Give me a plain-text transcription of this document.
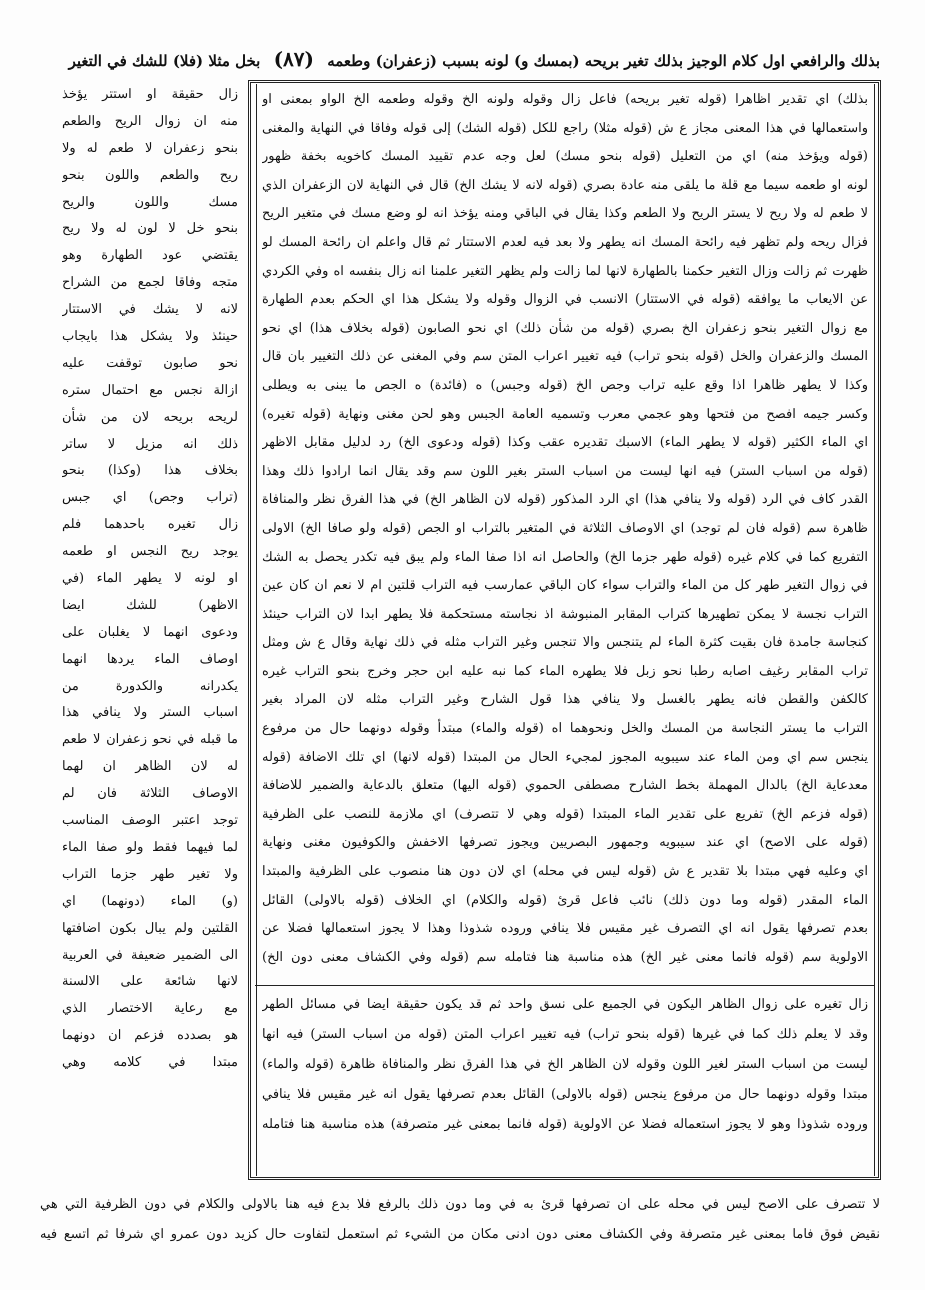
بذلك والرافعي اول كلام الوجيز بذلك تغير بريحه (بمسك و) لونه بسبب (زعفران) وطعمه (٨٧) بخل مثلا (فلا) للشك في التغير
بذلك) اي تقدير اظاهرا (قوله تغير بريحه) فاعل زال وقوله ولونه الخ وقوله وطعمه الخ الواو بمعنى او
واستعمالها في هذا المعنى مجاز ع ش (قوله مثلا) راجع للكل (قوله الشك) إلى قوله وفاقا في النهاية والمغنى
(قوله ويؤخذ منه) اي من التعليل (قوله بنحو مسك) لعل وجه عدم تقييد المسك كاخويه بخفة ظهور
لونه او طعمه سيما مع قلة ما يلقى منه عادة بصري (قوله لانه لا يشك الخ) قال في النهاية لان الزعفران الذي
لا طعم له ولا ريح لا يستر الريح ولا الطعم وكذا يقال في الباقي ومنه يؤخذ انه لو وضع مسك في متغير الريح
فزال ريحه ولم تظهر فيه رائحة المسك انه يطهر ولا بعد فيه لعدم الاستتار ثم قال واعلم ان رائحة المسك لو
ظهرت ثم زالت وزال التغير حكمنا بالطهارة لانها لما زالت ولم يظهر التغير علمنا انه زال بنفسه اه وفي الكردي
عن الايعاب ما يوافقه (قوله في الاستتار) الانسب في الزوال وقوله ولا يشكل هذا اي الحكم بعدم الطهارة
مع زوال التغير بنحو زعفران الخ بصري (قوله من شأن ذلك) اي نحو الصابون (قوله بخلاف هذا) اي نحو
المسك والزعفران والخل (قوله بنحو تراب) فيه تغيير اعراب المتن سم وفي المغنى عن ذلك التغيير بان قال
وكذا لا يطهر ظاهرا اذا وقع عليه تراب وجص الخ (قوله وجبس) ه (فائدة) ه الجص ما يبنى به ويطلى
وكسر جيمه افصح من فتحها وهو عجمي معرب وتسميه العامة الجبس وهو لحن مغنى ونهاية (قوله تغيره)
اي الماء الكثير (قوله لا يطهر الماء) الاسبك تقديره عقب وكذا (قوله ودعوى الخ) رد لدليل مقابل الاظهر
(قوله من اسباب الستر) فيه انها ليست من اسباب الستر بغير اللون سم وقد يقال انما ارادوا ذلك وهذا
القدر كاف في الرد (قوله ولا ينافي هذا) اي الرد المذكور (قوله لان الظاهر الخ) في هذا الفرق نظر والمنافاة
ظاهرة سم (قوله فان لم توجد) اي الاوصاف الثلاثة في المتغير بالتراب او الجص (قوله ولو صافا الخ) الاولى
التفريع كما في كلام غيره (قوله طهر جزما الخ) والحاصل انه اذا صفا الماء ولم يبق فيه تكدر يحصل به الشك
في زوال التغير طهر كل من الماء والتراب سواء كان الباقي عمارسب فيه التراب قلتين ام لا نعم ان كان عين
التراب نجسة لا يمكن تطهيرها كتراب المقابر المنبوشة اذ نجاسته مستحكمة فلا يطهر ابدا لان التراب حينئذ
كنجاسة جامدة فان بقيت كثرة الماء لم يتنجس والا تنجس وغير التراب مثله في ذلك نهاية وقال ع ش ومثل
تراب المقابر رغيف اصابه رطبا نحو زبل فلا يطهره الماء كما نبه عليه ابن حجر وخرج بنحو التراب غيره
كالكفن والقطن فانه يطهر بالغسل ولا ينافي هذا قول الشارح وغير التراب مثله لان المراد بغير
التراب ما يستر النجاسة من المسك والخل ونحوهما اه (قوله والماء) مبتدأ وقوله دونهما حال من مرفوع
ينجس سم اي ومن الماء عند سيبويه المجوز لمجيء الحال من المبتدا (قوله لانها) اي تلك الاضافة (قوله
معدعاية الخ) بالدال المهملة بخط الشارح مصطفى الحموي (قوله اليها) متعلق بالدعاية والضمير للاضافة
(قوله فزعم الخ) تفريع على تقدير الماء المبتدا (قوله وهي لا تتصرف) اي ملازمة للنصب على الظرفية
(قوله على الاصح) اي عند سيبويه وجمهور البصريين ويجوز تصرفها الاخفش والكوفيون مغنى ونهاية
اي وعليه فهي مبتدا بلا تقدير ع ش (قوله ليس في محله) اي لان دون هنا منصوب على الظرفية والمبتدا
الماء المقدر (قوله وما دون ذلك) نائب فاعل قرئ (قوله والكلام) اي الخلاف (قوله بالاولى) القائل
بعدم تصرفها يقول انه اي التصرف غير مقيس فلا ينافي وروده شذوذا وهذا لا يجوز استعمالها فضلا عن
الاولوية سم (قوله فانما معنى غير الخ) هذه مناسبة هنا فتامله سم (قوله وفي الكشاف معنى دون الخ)
زال تغيره على زوال الظاهر اليكون في الجميع على نسق واحد ثم قد يكون حقيقة ايضا في مسائل الطهر
وقد لا يعلم ذلك كما في غيرها (قوله بنحو تراب) فيه تغيير اعراب المتن (قوله من اسباب الستر) فيه انها
ليست من اسباب الستر لغير اللون وقوله لان الظاهر الخ في هذا الفرق نظر والمنافاة ظاهرة (قوله والماء)
مبتدا وقوله دونهما حال من مرفوع ينجس (قوله بالاولى) القائل بعدم تصرفها يقول انه غير مقيس فلا ينافي
وروده شذوذا وهو لا يجوز استعماله فضلا عن الاولوية (قوله فانما بمعنى غير متصرفة) هذه مناسبة هنا فتامله
زال حقيقة او استتر يؤخذ
منه ان زوال الريح والطعم
بنحو زعفران لا طعم له ولا
ريح والطعم واللون بنحو
مسك واللون والريح
بنحو خل لا لون له ولا ريح
يقتضي عود الطهارة وهو
متجه وفاقا لجمع من الشراح
لانه لا يشك في الاستتار
حينئذ ولا يشكل هذا بايجاب
نحو صابون توقفت عليه
ازالة نجس مع احتمال ستره
لريحه بريحه لان من شأن
ذلك انه مزيل لا ساتر
بخلاف هذا (وكذا) بنحو
(تراب وجص) اي جبس
زال تغيره باحدهما فلم
يوجد ريح النجس او طعمه
او لونه لا يطهر الماء (في
الاظهر) للشك ايضا
ودعوى انهما لا يغلبان على
اوصاف الماء يردها انهما
يكدرانه والكدورة من
اسباب الستر ولا ينافي هذا
ما قبله في نحو زعفران لا طعم
له لان الظاهر ان لهما
الاوصاف الثلاثة فان لم
توجد اعتبر الوصف المناسب
لما فيهما فقط ولو صفا الماء
ولا تغير طهر جزما التراب
(و) الماء (دونهما) اي
القلتين ولم يبال بكون اضافتها
الى الضمير ضعيفة في العربية
لانها شائعة على الالسنة
مع رعاية الاختصار الذي
هو بصدده فزعم ان دونهما
مبتدا في كلامه وهي
لا تتصرف على الاصح ليس في محله على ان تصرفها قرئ به في وما دون ذلك بالرفع فلا بدع فيه هنا بالاولى والكلام في دون الظرفية التي هي
نقيض فوق فاما بمعنى غير متصرفة وفي الكشاف معنى دون ادنى مكان من الشيء ثم استعمل لتفاوت حال كزيد دون عمرو اي شرفا ثم اتسع فيه
